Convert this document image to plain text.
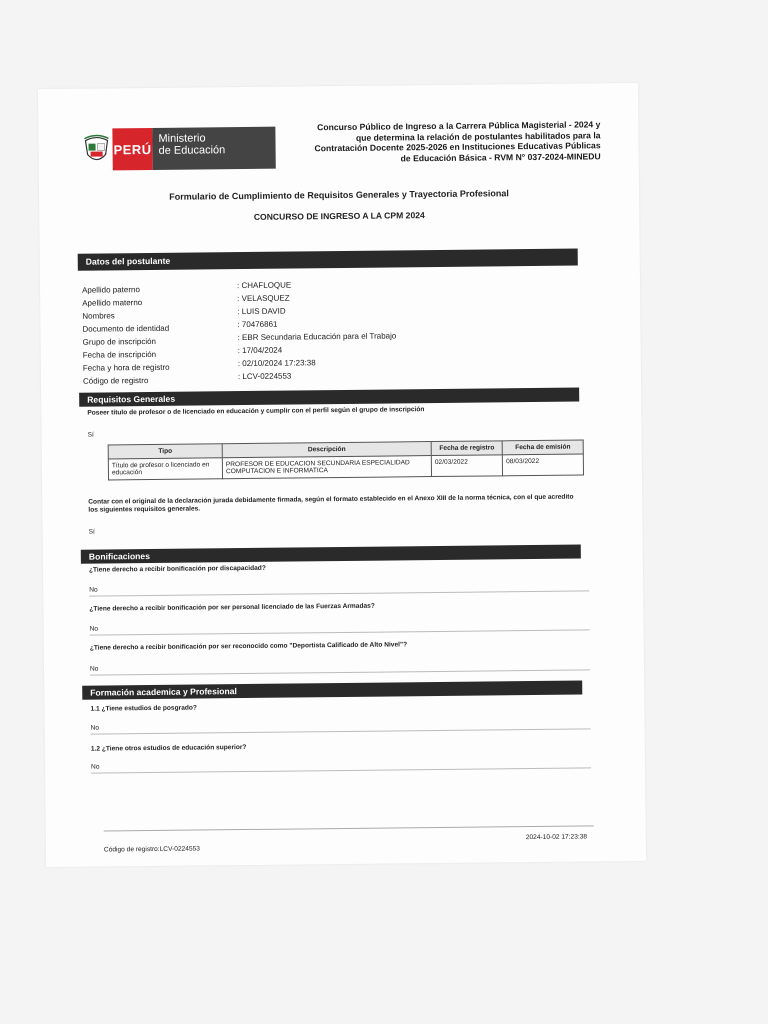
PERÚ
Ministerio
de Educación
Concurso Público de Ingreso a la Carrera Pública Magisterial - 2024 y
que determina la relación de postulantes habilitados para la
Contratación Docente 2025-2026 en Instituciones Educativas Públicas
de Educación Básica - RVM N° 037-2024-MINEDU
Formulario de Cumplimiento de Requisitos Generales y Trayectoria Profesional
CONCURSO DE INGRESO A LA CPM 2024
Datos del postulante
Apellido paterno	: CHAFLOQUE
Apellido materno	: VELASQUEZ
Nombres	: LUIS DAVID
Documento de identidad	: 70476861
Grupo de inscripción	: EBR Secundaria Educación para el Trabajo
Fecha de inscripción	: 17/04/2024
Fecha y hora de registro	: 02/10/2024 17:23:38
Código de registro	: LCV-0224553
Requisitos Generales
Poseer título de profesor o de licenciado en educación y cumplir con el perfil según el grupo de inscripción
Sí
Tipo	Descripción	Fecha de registro	Fecha de emisión
Título de profesor o licenciado en educación	PROFESOR DE EDUCACION SECUNDARIA ESPECIALIDAD COMPUTACION E INFORMATICA	02/03/2022	08/03/2022
Contar con el original de la declaración jurada debidamente firmada, según el formato establecido en el Anexo XIII de la norma técnica, con el que acredito los siguientes requisitos generales.
Sí
Bonificaciones
¿Tiene derecho a recibir bonificación por discapacidad?
No
¿Tiene derecho a recibir bonificación por ser personal licenciado de las Fuerzas Armadas?
No
¿Tiene derecho a recibir bonificación por ser reconocido como "Deportista Calificado de Alto Nivel"?
No
Formación academica y Profesional
1.1 ¿Tiene estudios de posgrado?
No
1.2 ¿Tiene otros estudios de educación superior?
No
Código de registro:LCV-0224553
2024-10-02 17:23:38
